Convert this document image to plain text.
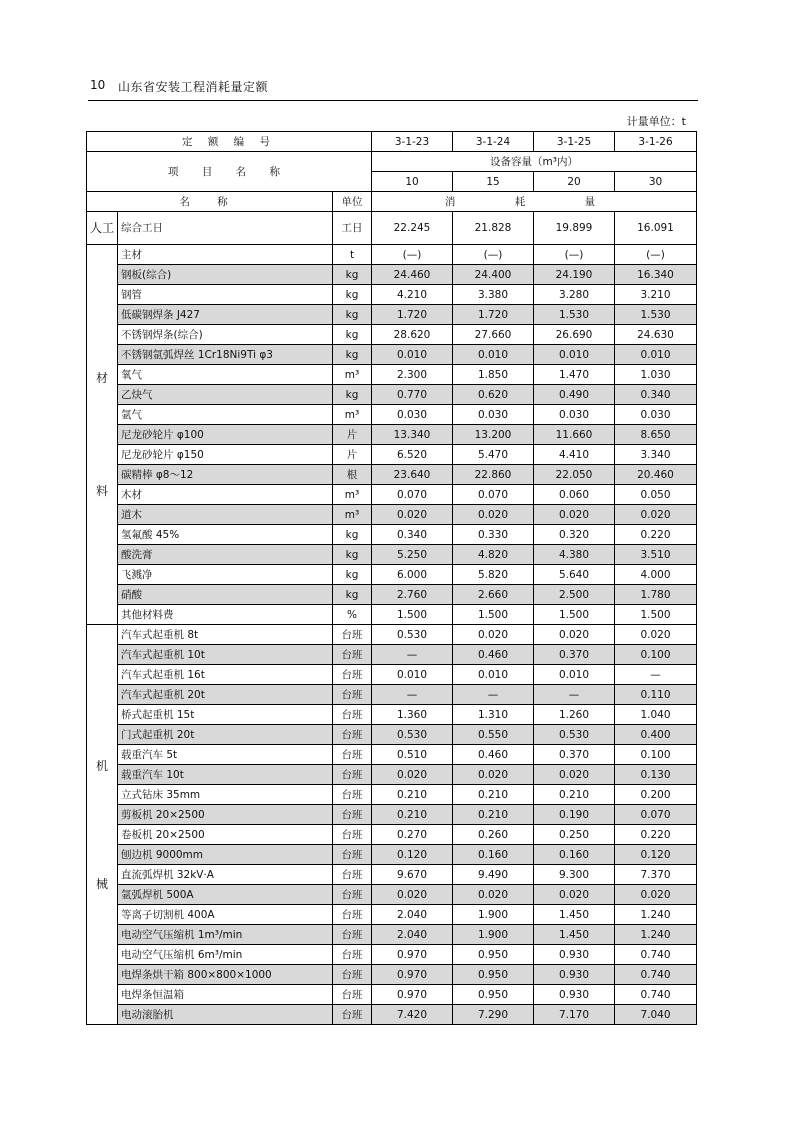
10 山东省安装工程消耗量定额
计量单位：t
定 额 编 号			3-1-23	3-1-24	3-1-25	3-1-26
项 目 名 称			设备容量（m³内）			
			10	15	20	30
名 称		单位	消 耗 量			
人工	综合工日	工日	22.245	21.828	19.899	16.091

材
料	主材	t	(—)	(—)	(—)	(—)
	钢板(综合)	kg	24.460	24.400	24.190	16.340
	钢管	kg	4.210	3.380	3.280	3.210
	低碳钢焊条 J427	kg	1.720	1.720	1.530	1.530
	不锈钢焊条(综合)	kg	28.620	27.660	26.690	24.630
	不锈钢氩弧焊丝 1Cr18Ni9Ti φ3	kg	0.010	0.010	0.010	0.010
	氧气	m³	2.300	1.850	1.470	1.030
	乙炔气	kg	0.770	0.620	0.490	0.340
	氩气	m³	0.030	0.030	0.030	0.030
	尼龙砂轮片 φ100	片	13.340	13.200	11.660	8.650
	尼龙砂轮片 φ150	片	6.520	5.470	4.410	3.340
	碳精棒 φ8～12	根	23.640	22.860	22.050	20.460
	木材	m³	0.070	0.070	0.060	0.050
	道木	m³	0.020	0.020	0.020	0.020
	氢氟酸 45%	kg	0.340	0.330	0.320	0.220
	酸洗膏	kg	5.250	4.820	4.380	3.510
	飞溅净	kg	6.000	5.820	5.640	4.000
	硝酸	kg	2.760	2.660	2.500	1.780
	其他材料费	%	1.500	1.500	1.500	1.500

机
械	汽车式起重机 8t	台班	0.530	0.020	0.020	0.020
	汽车式起重机 10t	台班	—	0.460	0.370	0.100
	汽车式起重机 16t	台班	0.010	0.010	0.010	—
	汽车式起重机 20t	台班	—	—	—	0.110
	桥式起重机 15t	台班	1.360	1.310	1.260	1.040
	门式起重机 20t	台班	0.530	0.550	0.530	0.400
	载重汽车 5t	台班	0.510	0.460	0.370	0.100
	载重汽车 10t	台班	0.020	0.020	0.020	0.130
	立式钻床 35mm	台班	0.210	0.210	0.210	0.200
	剪板机 20×2500	台班	0.210	0.210	0.190	0.070
	卷板机 20×2500	台班	0.270	0.260	0.250	0.220
	刨边机 9000mm	台班	0.120	0.160	0.160	0.120
	直流弧焊机 32kV·A	台班	9.670	9.490	9.300	7.370
	氩弧焊机 500A	台班	0.020	0.020	0.020	0.020
	等离子切割机 400A	台班	2.040	1.900	1.450	1.240
	电动空气压缩机 1m³/min	台班	2.040	1.900	1.450	1.240
	电动空气压缩机 6m³/min	台班	0.970	0.950	0.930	0.740
	电焊条烘干箱 800×800×1000	台班	0.970	0.950	0.930	0.740
	电焊条恒温箱	台班	0.970	0.950	0.930	0.740
	电动滚胎机	台班	7.420	7.290	7.170	7.040
